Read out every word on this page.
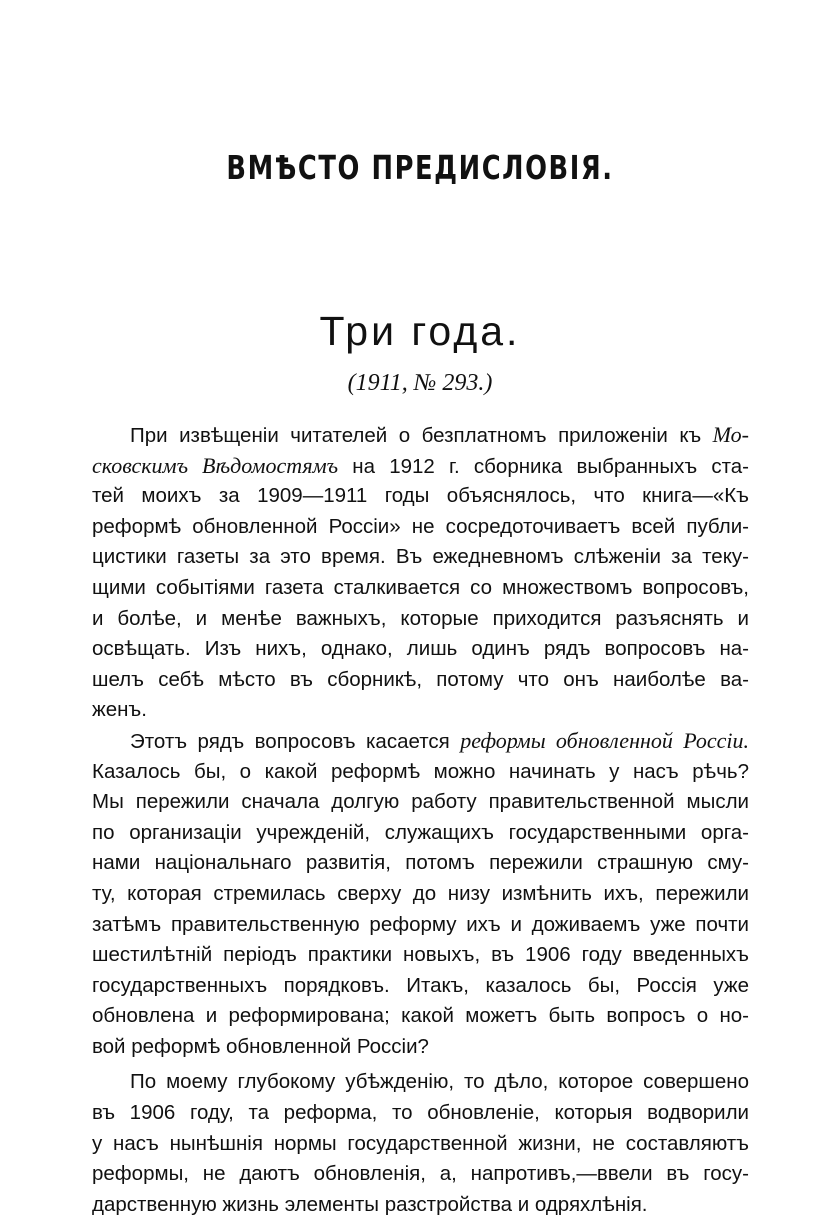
ВМѢСТО ПРЕДИСЛОВІЯ.
Три года.
(1911, № 293.)
При извѣщеніи читателей о безплатномъ приложеніи къ Мо-
сковскимъ Вѣдомостямъ на 1912 г. сборника выбранныхъ ста-
тей моихъ за 1909—1911 годы объяснялось, что книга—«Къ
реформѣ обновленной Россіи» не сосредоточиваетъ всей публи-
цистики газеты за это время. Въ ежедневномъ слѣженіи за теку-
щими событіями газета сталкивается со множествомъ вопросовъ,
и болѣе, и менѣе важныхъ, которые приходится разъяснять и
освѣщать. Изъ нихъ, однако, лишь одинъ рядъ вопросовъ на-
шелъ себѣ мѣсто въ сборникѣ, потому что онъ наиболѣе ва-
женъ.
Этотъ рядъ вопросовъ касается реформы обновленной Россіи.
Казалось бы, о какой реформѣ можно начинать у насъ рѣчь?
Мы пережили сначала долгую работу правительственной мысли
по организаціи учрежденій, служащихъ государственными орга-
нами національнаго развитія, потомъ пережили страшную сму-
ту, которая стремилась сверху до низу измѣнить ихъ, пережили
затѣмъ правительственную реформу ихъ и доживаемъ уже почти
шестилѣтній періодъ практики новыхъ, въ 1906 году введенныхъ
государственныхъ порядковъ. Итакъ, казалось бы, Россія уже
обновлена и реформирована; какой можетъ быть вопросъ о но-
вой реформѣ обновленной Россіи?
По моему глубокому убѣжденію, то дѣло, которое совершено
въ 1906 году, та реформа, то обновленіе, которыя водворили
у насъ нынѣшнія нормы государственной жизни, не составляютъ
реформы, не даютъ обновленія, а, напротивъ,—ввели въ госу-
дарственную жизнь элементы разстройства и одряхлѣнія.
